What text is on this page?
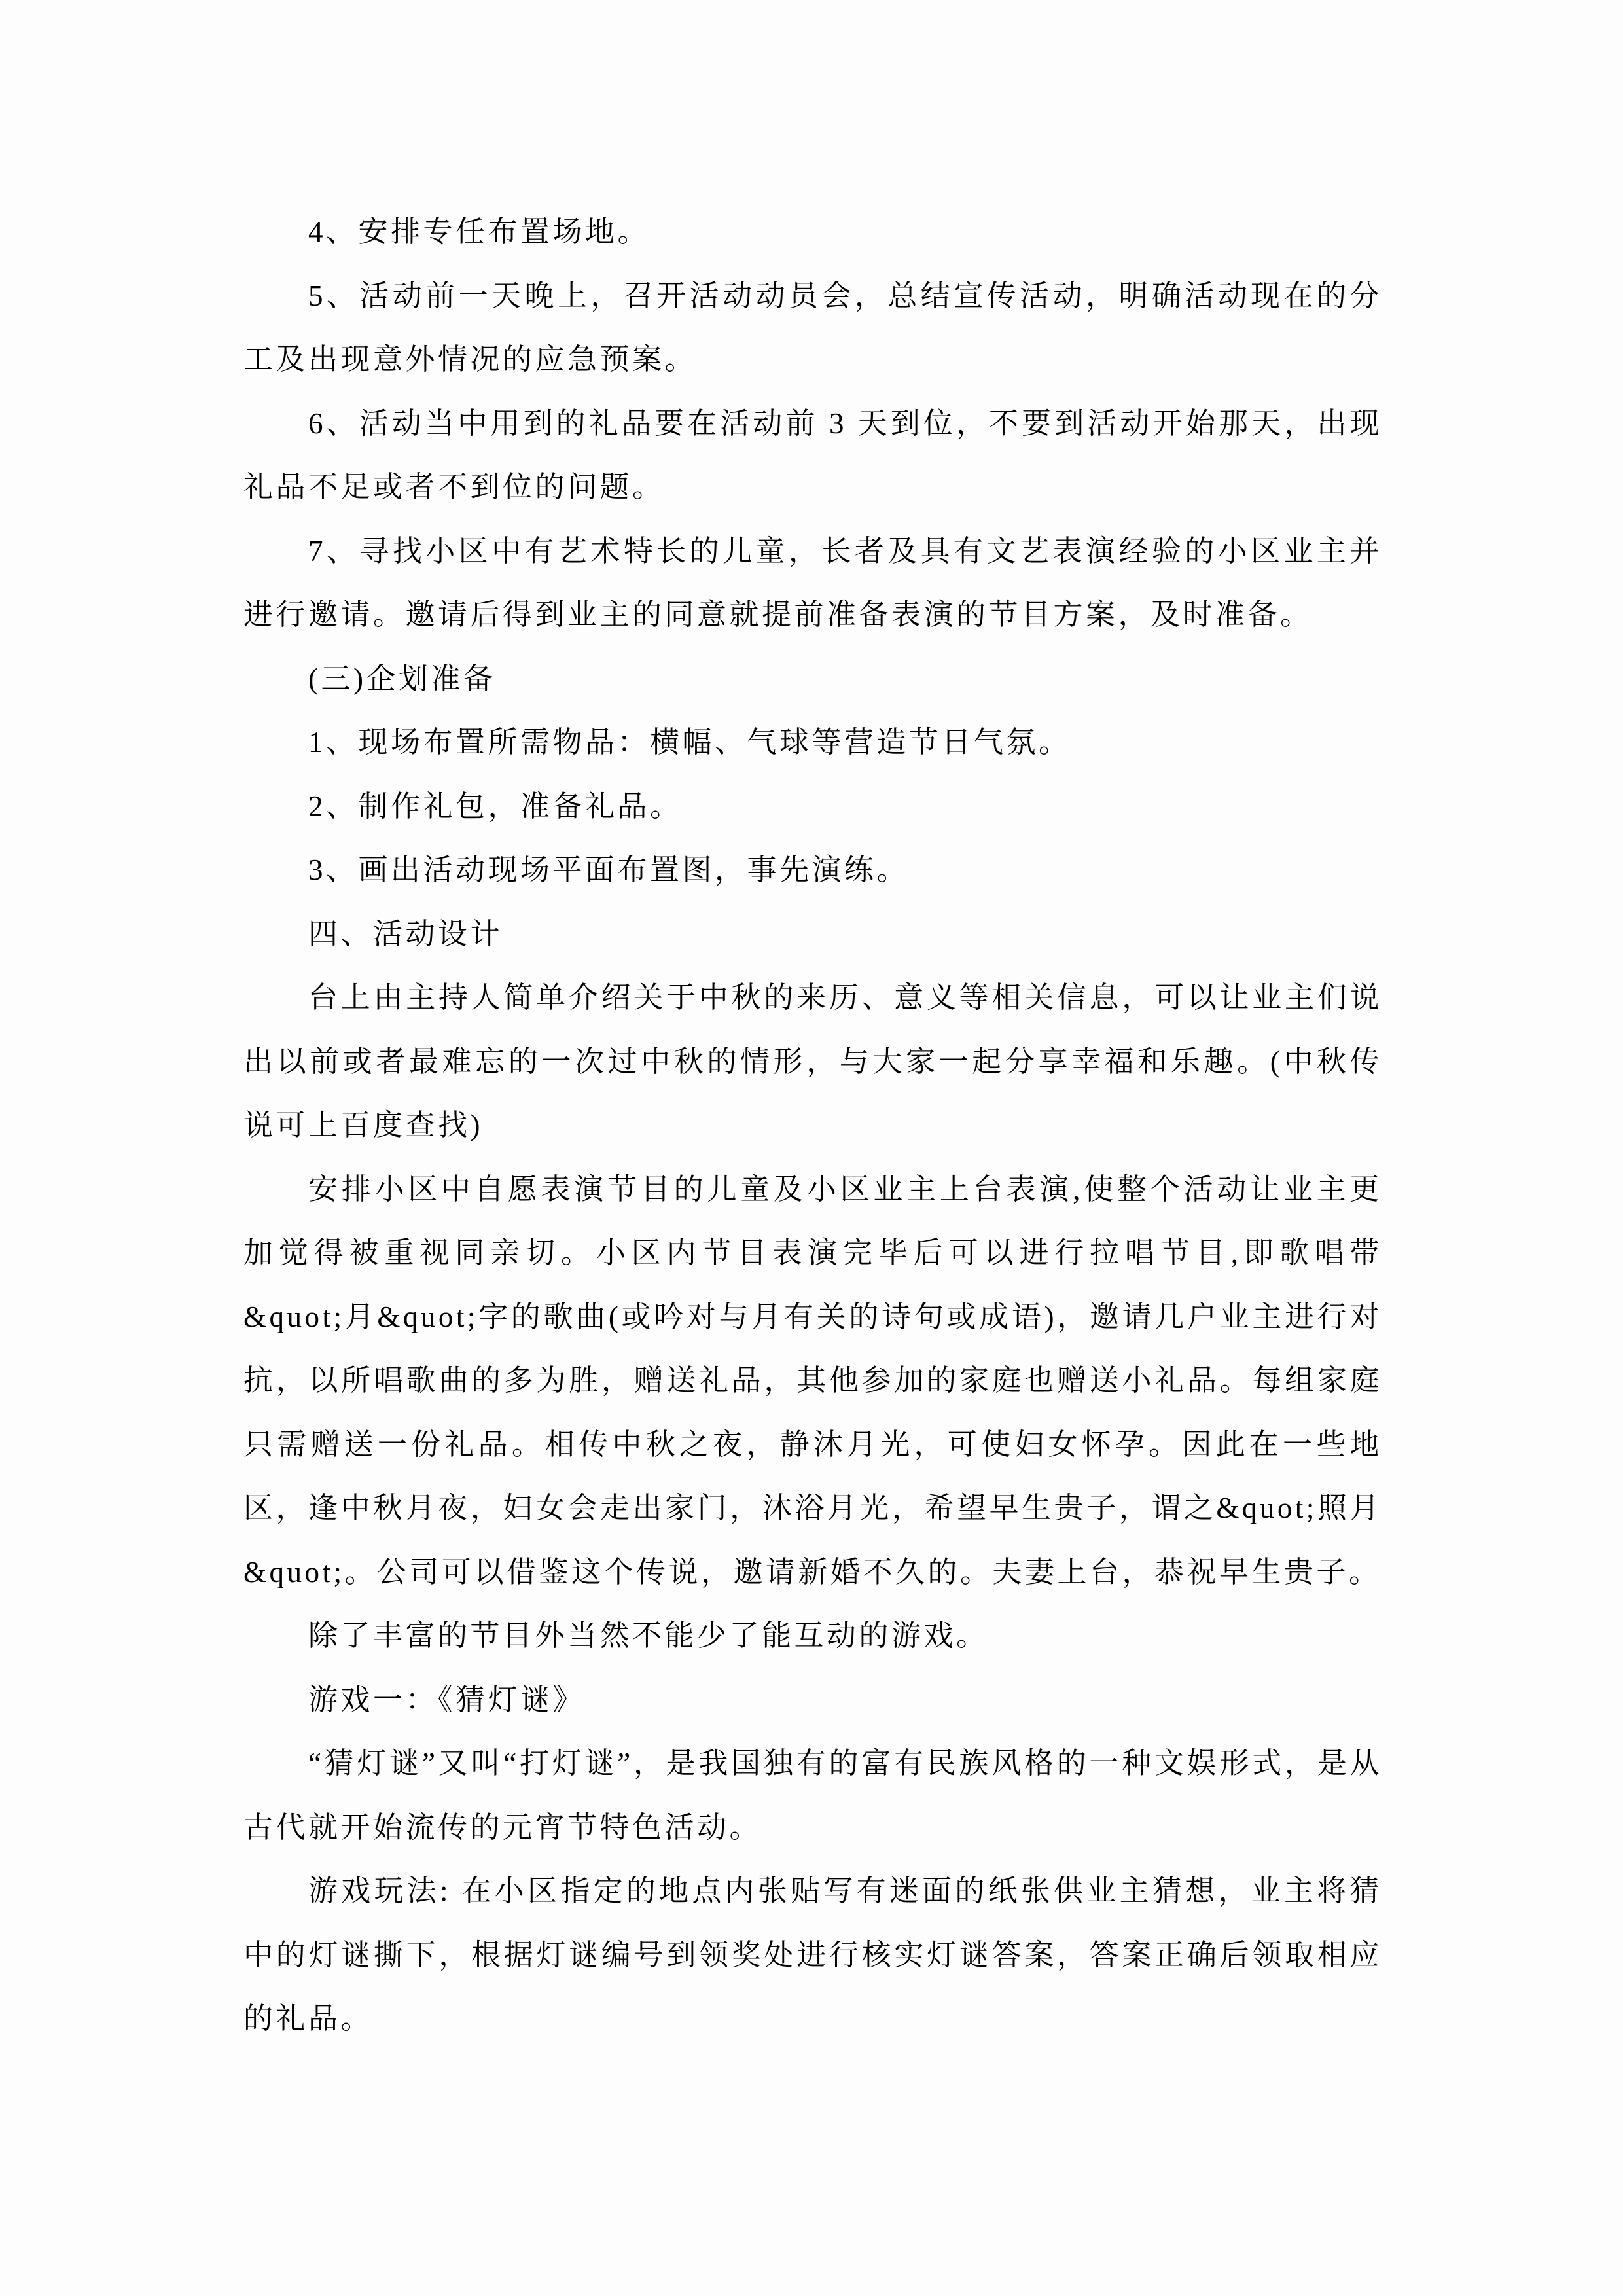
4、安排专任布置场地。

5、活动前一天晚上，召开活动动员会，总结宣传活动，明确活动现在的分工及出现意外情况的应急预案。

6、活动当中用到的礼品要在活动前 3 天到位，不要到活动开始那天，出现礼品不足或者不到位的问题。

7、寻找小区中有艺术特长的儿童，长者及具有文艺表演经验的小区业主并进行邀请。邀请后得到业主的同意就提前准备表演的节目方案，及时准备。

(三)企划准备

1、现场布置所需物品：横幅、气球等营造节日气氛。

2、制作礼包，准备礼品。

3、画出活动现场平面布置图，事先演练。

四、活动设计

台上由主持人简单介绍关于中秋的来历、意义等相关信息，可以让业主们说出以前或者最难忘的一次过中秋的情形，与大家一起分享幸福和乐趣。(中秋传说可上百度查找)

安排小区中自愿表演节目的儿童及小区业主上台表演,使整个活动让业主更加觉得被重视同亲切。小区内节目表演完毕后可以进行拉唱节目,即歌唱带&quot;月&quot;字的歌曲(或吟对与月有关的诗句或成语)，邀请几户业主进行对抗，以所唱歌曲的多为胜，赠送礼品，其他参加的家庭也赠送小礼品。每组家庭只需赠送一份礼品。相传中秋之夜，静沐月光，可使妇女怀孕。因此在一些地区，逢中秋月夜，妇女会走出家门，沐浴月光，希望早生贵子，谓之&quot;照月&quot;。公司可以借鉴这个传说，邀请新婚不久的。夫妻上台，恭祝早生贵子。

除了丰富的节目外当然不能少了能互动的游戏。

游戏一：《猜灯谜》

“猜灯谜”又叫“打灯谜”，是我国独有的富有民族风格的一种文娱形式，是从古代就开始流传的元宵节特色活动。

游戏玩法: 在小区指定的地点内张贴写有迷面的纸张供业主猜想，业主将猜中的灯谜撕下，根据灯谜编号到领奖处进行核实灯谜答案，答案正确后领取相应的礼品。
